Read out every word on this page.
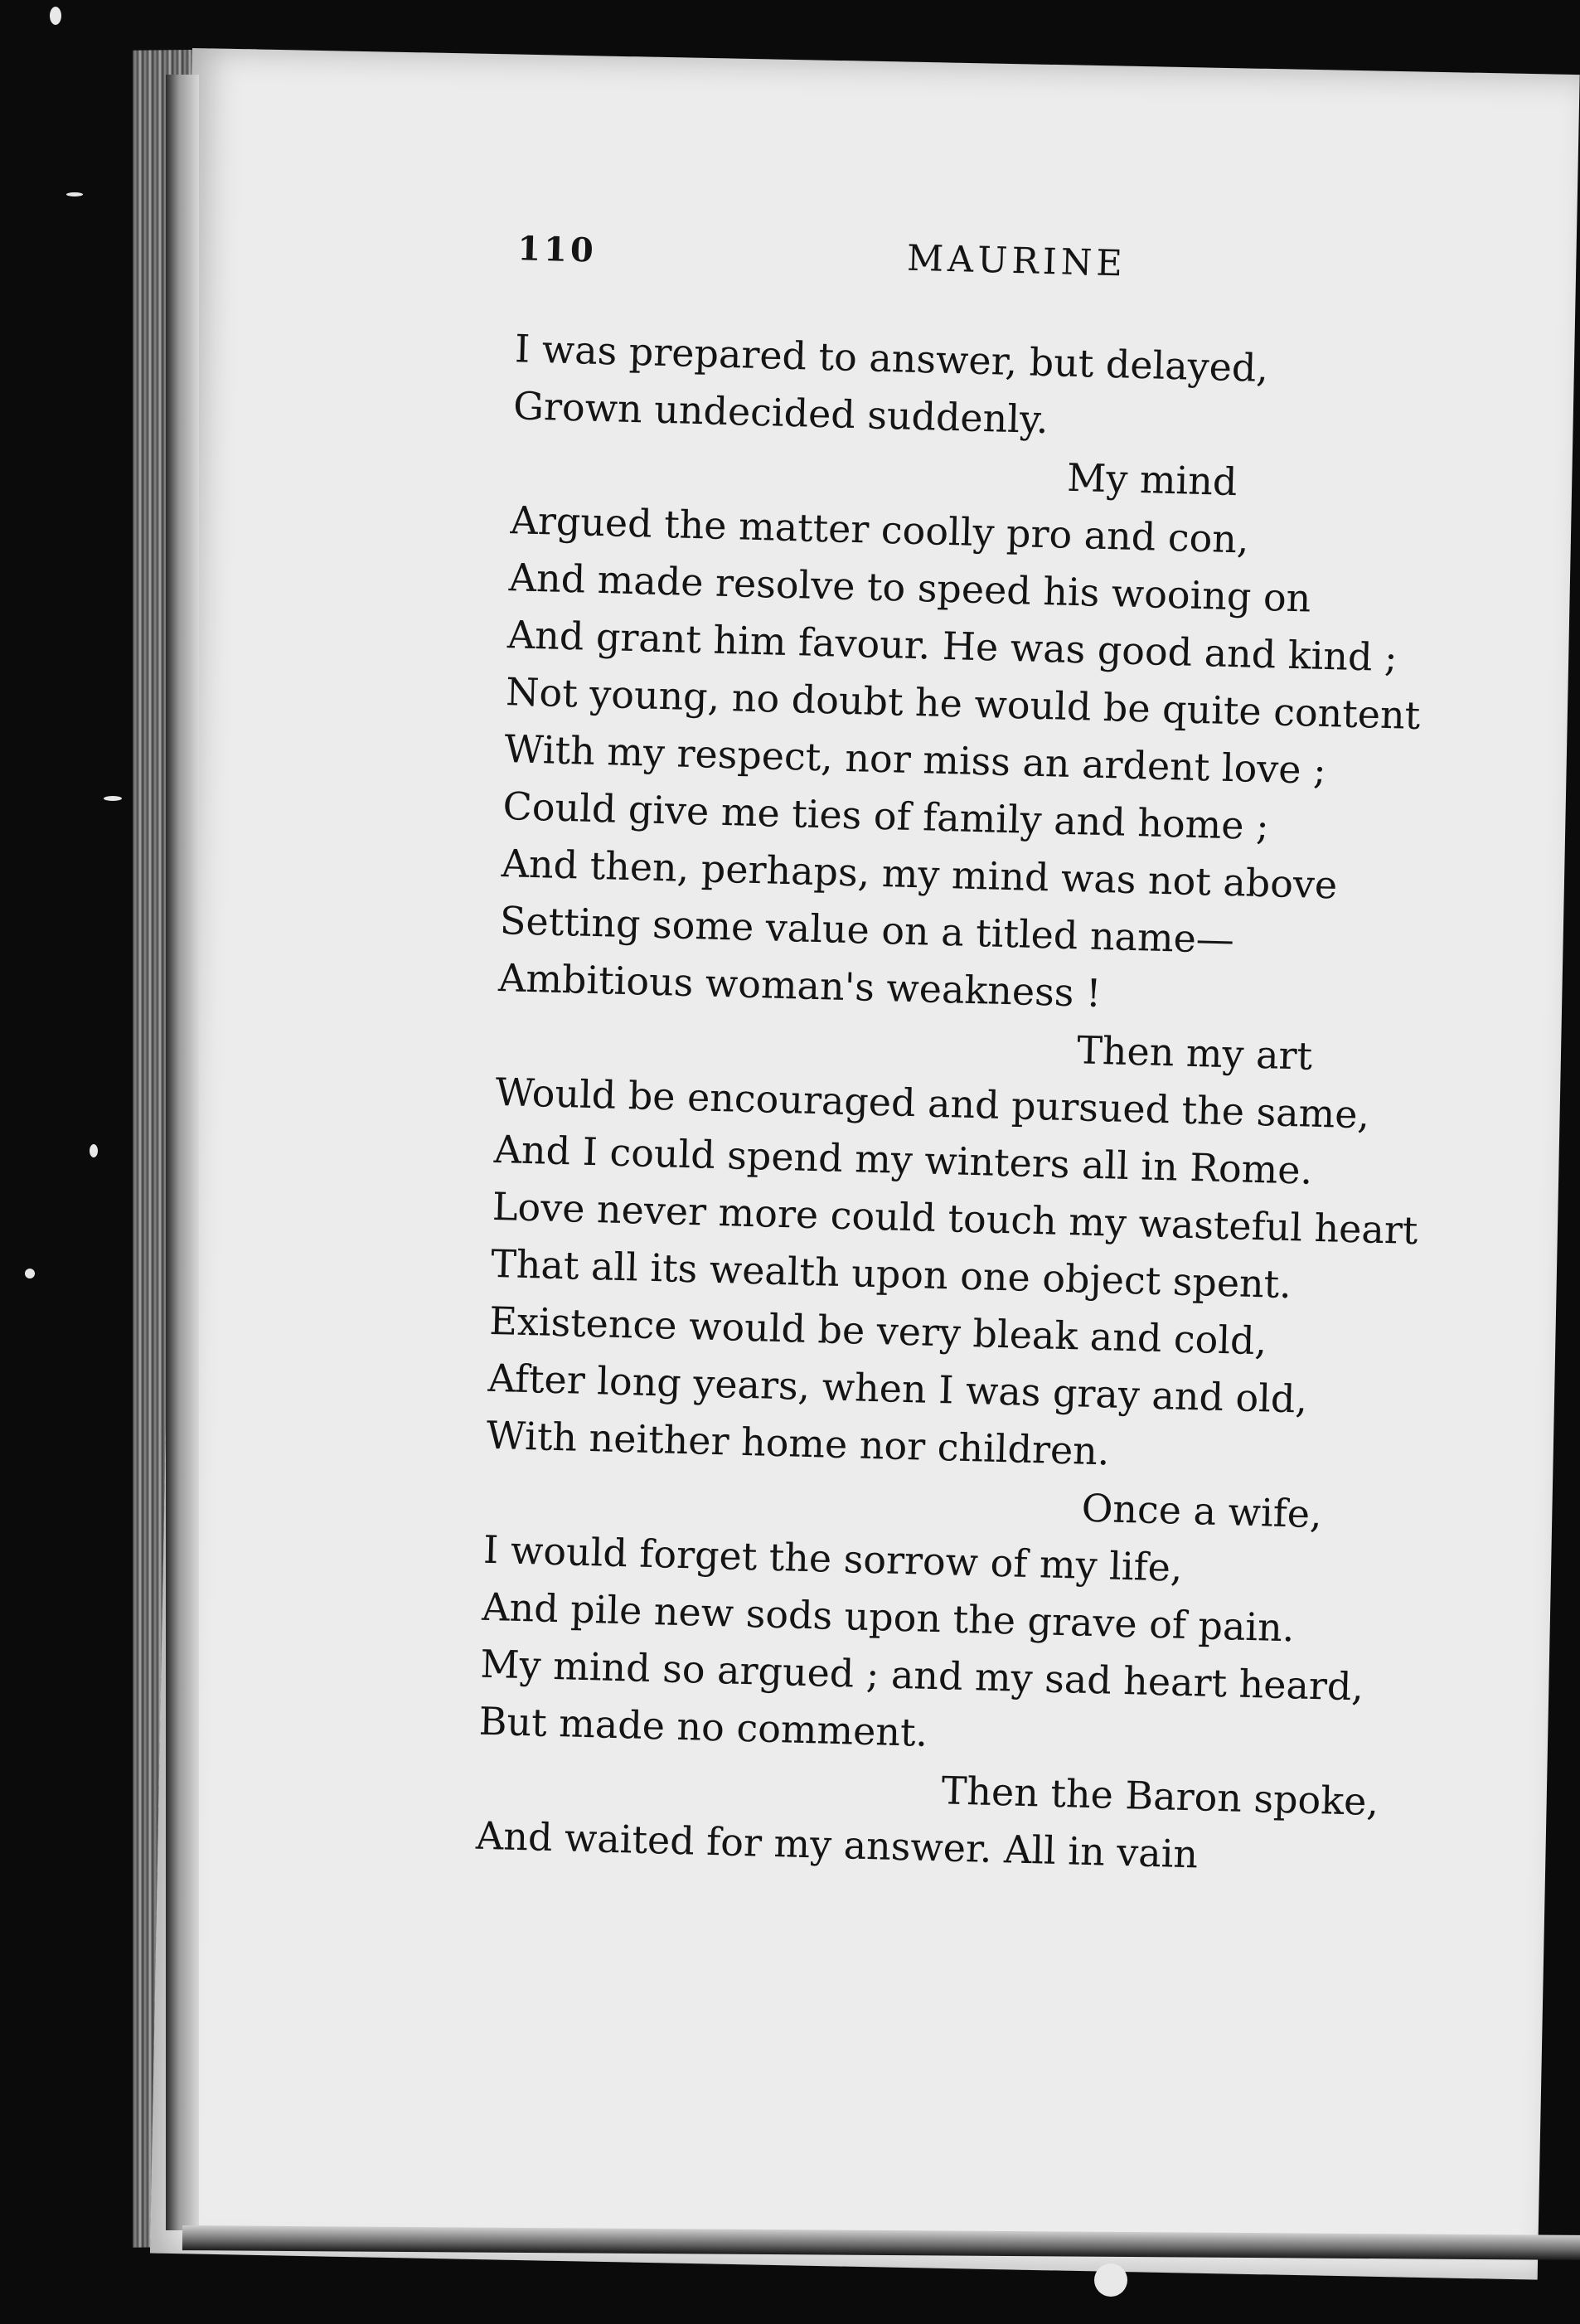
110	MAURINE
I was prepared to answer, but delayed,
Grown undecided suddenly.
My mind
Argued the matter coolly pro and con,
And made resolve to speed his wooing on
And grant him favour. He was good and kind ;
Not young, no doubt he would be quite content
With my respect, nor miss an ardent love ;
Could give me ties of family and home ;
And then, perhaps, my mind was not above
Setting some value on a titled name—
Ambitious woman's weakness !
Then my art
Would be encouraged and pursued the same,
And I could spend my winters all in Rome.
Love never more could touch my wasteful heart
That all its wealth upon one object spent.
Existence would be very bleak and cold,
After long years, when I was gray and old,
With neither home nor children.
Once a wife,
I would forget the sorrow of my life,
And pile new sods upon the grave of pain.
My mind so argued ; and my sad heart heard,
But made no comment.
Then the Baron spoke,
And waited for my answer. All in vain
